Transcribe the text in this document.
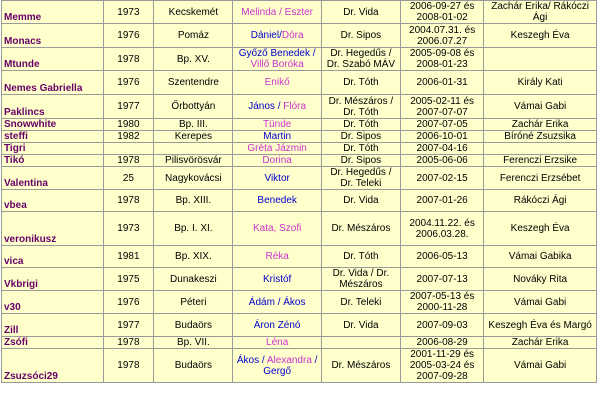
Memme	1973	Kecskemét	Melinda / Eszter	Dr. Vida	2006-09-27 és 2008-01-02	Zachár Erika/ Rákóczi Ági
Monacs	1976	Pomáz	Dániel/Dóra	Dr. Sipos	2004.07.31. és 2006.07.27	Keszegh Éva
Mtunde	1978	Bp. XV.	Győző Benedek / Villő Boróka	Dr. Hegedűs / Dr. Szabó MÁV	2005-09-08 és 2008-01-23	
Nemes Gabriella	1976	Szentendre	Enikő	Dr. Tóth	2006-01-31	Király Kati
Paklincs	1977	Őrbottyán	János / Flóra	Dr. Mészáros / Dr. Tóth	2005-02-11 és 2007-07-07	Vámai Gabi
Snowwhite	1980	Bp. III.	Tünde	Dr. Tóth	2007-07-05	Zachár Erika
steffi	1982	Kerepes	Martin	Dr. Sipos	2006-10-01	Bíróné Zsuzsika
Tigri			Gréta Jázmin	Dr. Tóth	2007-04-16	
Tikó	1978	Pilisvörösvár	Dorina	Dr. Sipos	2005-06-06	Ferenczi Erzsike
Valentina	25	Nagykovácsi	Viktor	Dr. Hegedűs / Dr. Teleki	2007-02-15	Ferenczi Erzsébet
vbea	1978	Bp. XIII.	Benedek	Dr. Vida	2007-01-26	Rákóczi Ági
veronikusz	1973	Bp. I. XI.	Kata, Szofi	Dr. Mészáros	2004.11.22. és 2006.03.28.	Keszegh Éva
vica	1981	Bp. XIX.	Réka	Dr. Tóth	2006-05-13	Vámai Gabika
Vkbrigi	1975	Dunakeszi	Kristóf	Dr. Vida / Dr. Mészáros	2007-07-13	Nováky Rita
v30	1976	Péteri	Ádám / Ákos	Dr. Teleki	2007-05-13 és 2000-11-28	Vámai Gabi
Zill	1977	Budaörs	Áron Zénó	Dr. Vida	2007-09-03	Keszegh Éva és Margó
Zsófi	1978	Bp. VII.	Léna		2006-08-29	Zachár Erika
Zsuzsóci29	1978	Budaörs	Ákos / Alexandra / Gergő	Dr. Mészáros	2001-11-29 és 2005-03-24 és 2007-09-28	Vámai Gabi
